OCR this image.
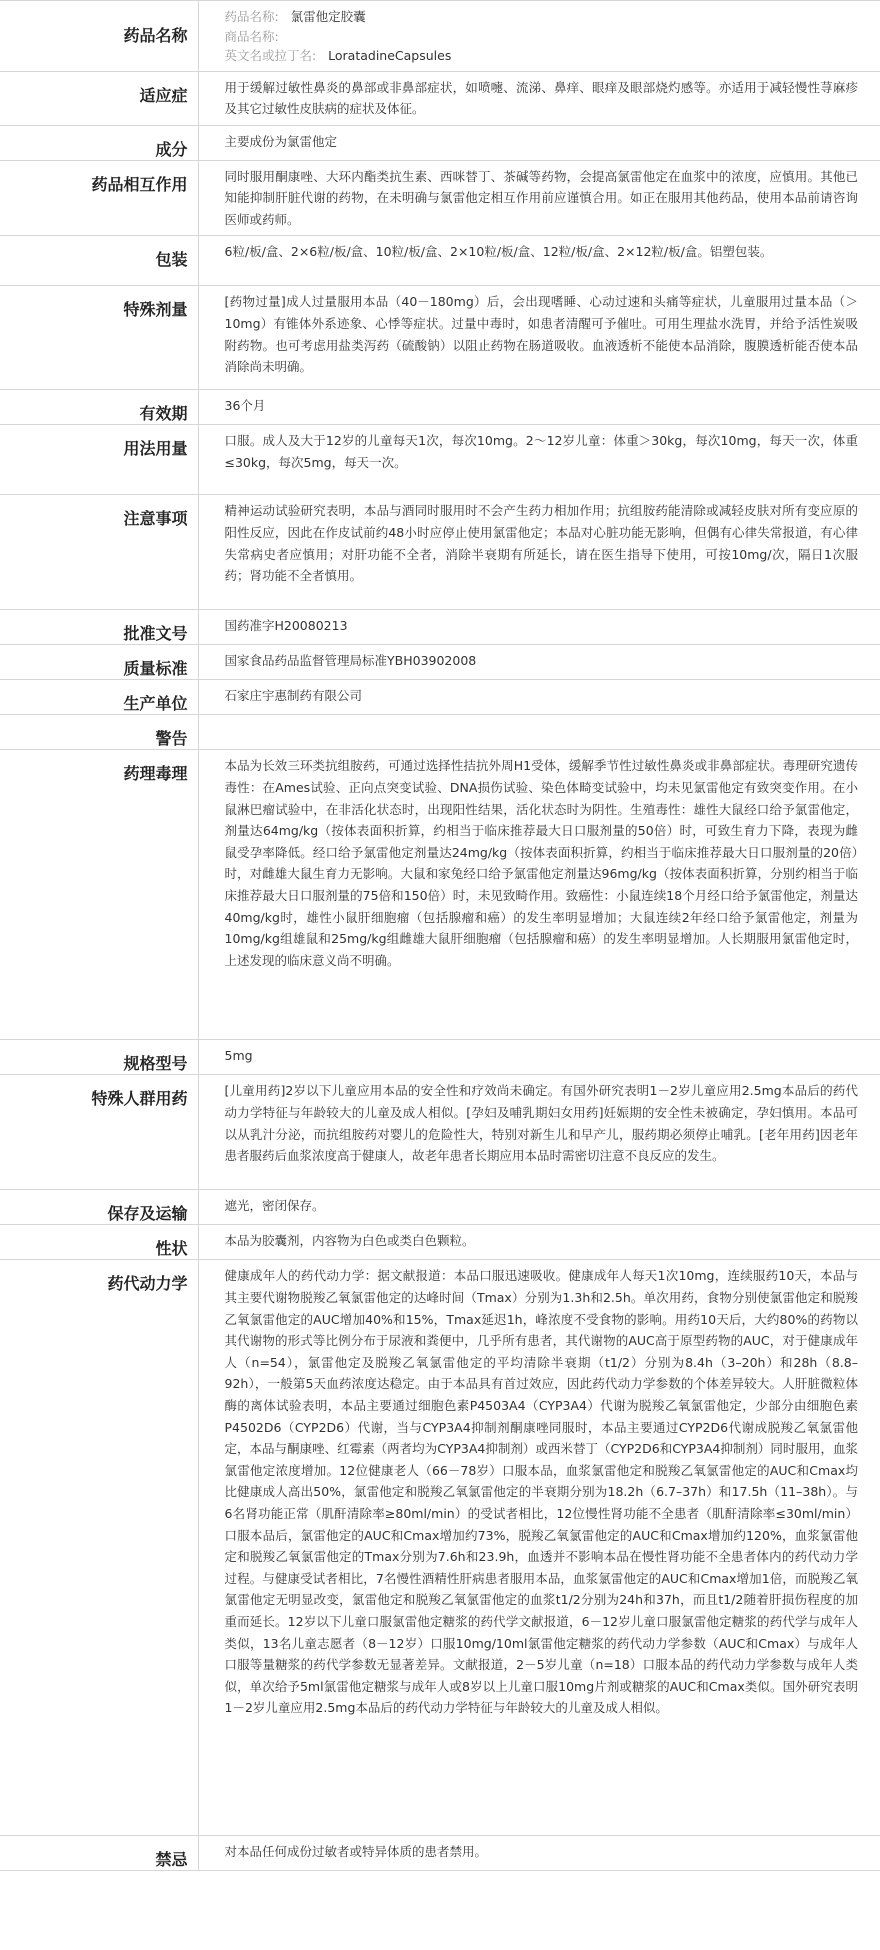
药品名称	药品名称: 氯雷他定胶囊
商品名称:
英文名或拉丁名: LoratadineCapsules

适应症	用于缓解过敏性鼻炎的鼻部或非鼻部症状，如喷嚏、流涕、鼻痒、眼痒及眼部烧灼感等。亦适用于减轻慢性荨麻疹及其它过敏性皮肤病的症状及体征。
成分	主要成份为氯雷他定
药品相互作用	同时服用酮康唑、大环内酯类抗生素、西咪替丁、茶碱等药物，会提高氯雷他定在血浆中的浓度，应慎用。其他已知能抑制肝脏代谢的药物，在未明确与氯雷他定相互作用前应谨慎合用。如正在服用其他药品，使用本品前请咨询医师或药师。
包装	6粒/板/盒、2×6粒/板/盒、10粒/板/盒、2×10粒/板/盒、12粒/板/盒、2×12粒/板/盒。铝塑包装。
特殊剂量	[药物过量]成人过量服用本品（40－180mg）后，会出现嗜睡、心动过速和头痛等症状，儿童服用过量本品（＞10mg）有锥体外系迹象、心悸等症状。过量中毒时，如患者清醒可予催吐。可用生理盐水洗胃，并给予活性炭吸附药物。也可考虑用盐类泻药（硫酸钠）以阻止药物在肠道吸收。血液透析不能使本品消除，腹膜透析能否使本品消除尚未明确。
有效期	36个月
用法用量	口服。成人及大于12岁的儿童每天1次，每次10mg。2～12岁儿童：体重＞30kg，每次10mg，每天一次，体重≤30kg，每次5mg，每天一次。
注意事项	精神运动试验研究表明，本品与酒同时服用时不会产生药力相加作用；抗组胺药能清除或减轻皮肤对所有变应原的阳性反应，因此在作皮试前约48小时应停止使用氯雷他定；本品对心脏功能无影响，但偶有心律失常报道，有心律失常病史者应慎用；对肝功能不全者，消除半衰期有所延长，请在医生指导下使用，可按10mg/次，隔日1次服药；肾功能不全者慎用。
批准文号	国药准字H20080213
质量标准	国家食品药品监督管理局标准YBH03902008
生产单位	石家庄宇惠制药有限公司
警告	
药理毒理	本品为长效三环类抗组胺药，可通过选择性拮抗外周H1受体，缓解季节性过敏性鼻炎或非鼻部症状。毒理研究遗传毒性：在Ames试验、正向点突变试验、DNA损伤试验、染色体畸变试验中，均未见氯雷他定有致突变作用。在小鼠淋巴瘤试验中，在非活化状态时，出现阳性结果，活化状态时为阴性。生殖毒性：雄性大鼠经口给予氯雷他定，剂量达64mg/kg（按体表面积折算，约相当于临床推荐最大日口服剂量的50倍）时，可致生育力下降，表现为雌鼠受孕率降低。经口给予氯雷他定剂量达24mg/kg（按体表面积折算，约相当于临床推荐最大日口服剂量的20倍）时，对雌雄大鼠生育力无影响。大鼠和家兔经口给予氯雷他定剂量达96mg/kg（按体表面积折算，分别约相当于临床推荐最大日口服剂量的75倍和150倍）时，未见致畸作用。致癌性：小鼠连续18个月经口给予氯雷他定，剂量达40mg/kg时，雄性小鼠肝细胞瘤（包括腺瘤和癌）的发生率明显增加；大鼠连续2年经口给予氯雷他定，剂量为10mg/kg组雄鼠和25mg/kg组雌雄大鼠肝细胞瘤（包括腺瘤和癌）的发生率明显增加。人长期服用氯雷他定时，上述发现的临床意义尚不明确。
规格型号	5mg
特殊人群用药	[儿童用药]2岁以下儿童应用本品的安全性和疗效尚未确定。有国外研究表明1－2岁儿童应用2.5mg本品后的药代动力学特征与年龄较大的儿童及成人相似。[孕妇及哺乳期妇女用药]妊娠期的安全性未被确定，孕妇慎用。本品可以从乳汁分泌，而抗组胺药对婴儿的危险性大，特别对新生儿和早产儿，服药期必须停止哺乳。[老年用药]因老年患者服药后血浆浓度高于健康人，故老年患者长期应用本品时需密切注意不良反应的发生。
保存及运输	遮光，密闭保存。
性状	本品为胶囊剂，内容物为白色或类白色颗粒。
药代动力学	健康成年人的药代动力学：据文献报道：本品口服迅速吸收。健康成年人每天1次10mg，连续服药10天，本品与其主要代谢物脱羧乙氧氯雷他定的达峰时间（Tmax）分别为1.3h和2.5h。单次用药，食物分别使氯雷他定和脱羧乙氧氯雷他定的AUC增加40%和15%，Tmax延迟1h，峰浓度不受食物的影响。用药10天后，大约80%的药物以其代谢物的形式等比例分布于尿液和粪便中，几乎所有患者，其代谢物的AUC高于原型药物的AUC，对于健康成年人（n=54），氯雷他定及脱羧乙氧氯雷他定的平均清除半衰期（t1/2）分别为8.4h（3–20h）和28h（8.8–92h），一般第5天血药浓度达稳定。由于本品具有首过效应，因此药代动力学参数的个体差异较大。人肝脏微粒体酶的离体试验表明，本品主要通过细胞色素P4503A4（CYP3A4）代谢为脱羧乙氧氯雷他定，少部分由细胞色素P4502D6（CYP2D6）代谢，当与CYP3A4抑制剂酮康唑同服时，本品主要通过CYP2D6代谢成脱羧乙氧氯雷他定，本品与酮康唑、红霉素（两者均为CYP3A4抑制剂）或西米替丁（CYP2D6和CYP3A4抑制剂）同时服用，血浆氯雷他定浓度增加。12位健康老人（66－78岁）口服本品，血浆氯雷他定和脱羧乙氧氯雷他定的AUC和Cmax均比健康成人高出50%，氯雷他定和脱羧乙氧氯雷他定的半衰期分别为18.2h（6.7–37h）和17.5h（11–38h）。与6名肾功能正常（肌酐清除率≥80ml/min）的受试者相比，12位慢性肾功能不全患者（肌酐清除率≤30ml/min）口服本品后，氯雷他定的AUC和Cmax增加约73%，脱羧乙氧氯雷他定的AUC和Cmax增加约120%，血浆氯雷他定和脱羧乙氧氯雷他定的Tmax分别为7.6h和23.9h，血透并不影响本品在慢性肾功能不全患者体内的药代动力学过程。与健康受试者相比，7名慢性酒精性肝病患者服用本品，血浆氯雷他定的AUC和Cmax增加1倍，而脱羧乙氧氯雷他定无明显改变，氯雷他定和脱羧乙氧氯雷他定的血浆t1/2分别为24h和37h，而且t1/2随着肝损伤程度的加重而延长。12岁以下儿童口服氯雷他定糖浆的药代学文献报道，6－12岁儿童口服氯雷他定糖浆的药代学与成年人类似，13名儿童志愿者（8－12岁）口服10mg/10ml氯雷他定糖浆的药代动力学参数（AUC和Cmax）与成年人口服等量糖浆的药代学参数无显著差异。文献报道，2－5岁儿童（n=18）口服本品的药代动力学参数与成年人类似，单次给予5ml氯雷他定糖浆与成年人或8岁以上儿童口服10mg片剂或糖浆的AUC和Cmax类似。国外研究表明1－2岁儿童应用2.5mg本品后的药代动力学特征与年龄较大的儿童及成人相似。
禁忌	对本品任何成份过敏者或特异体质的患者禁用。
